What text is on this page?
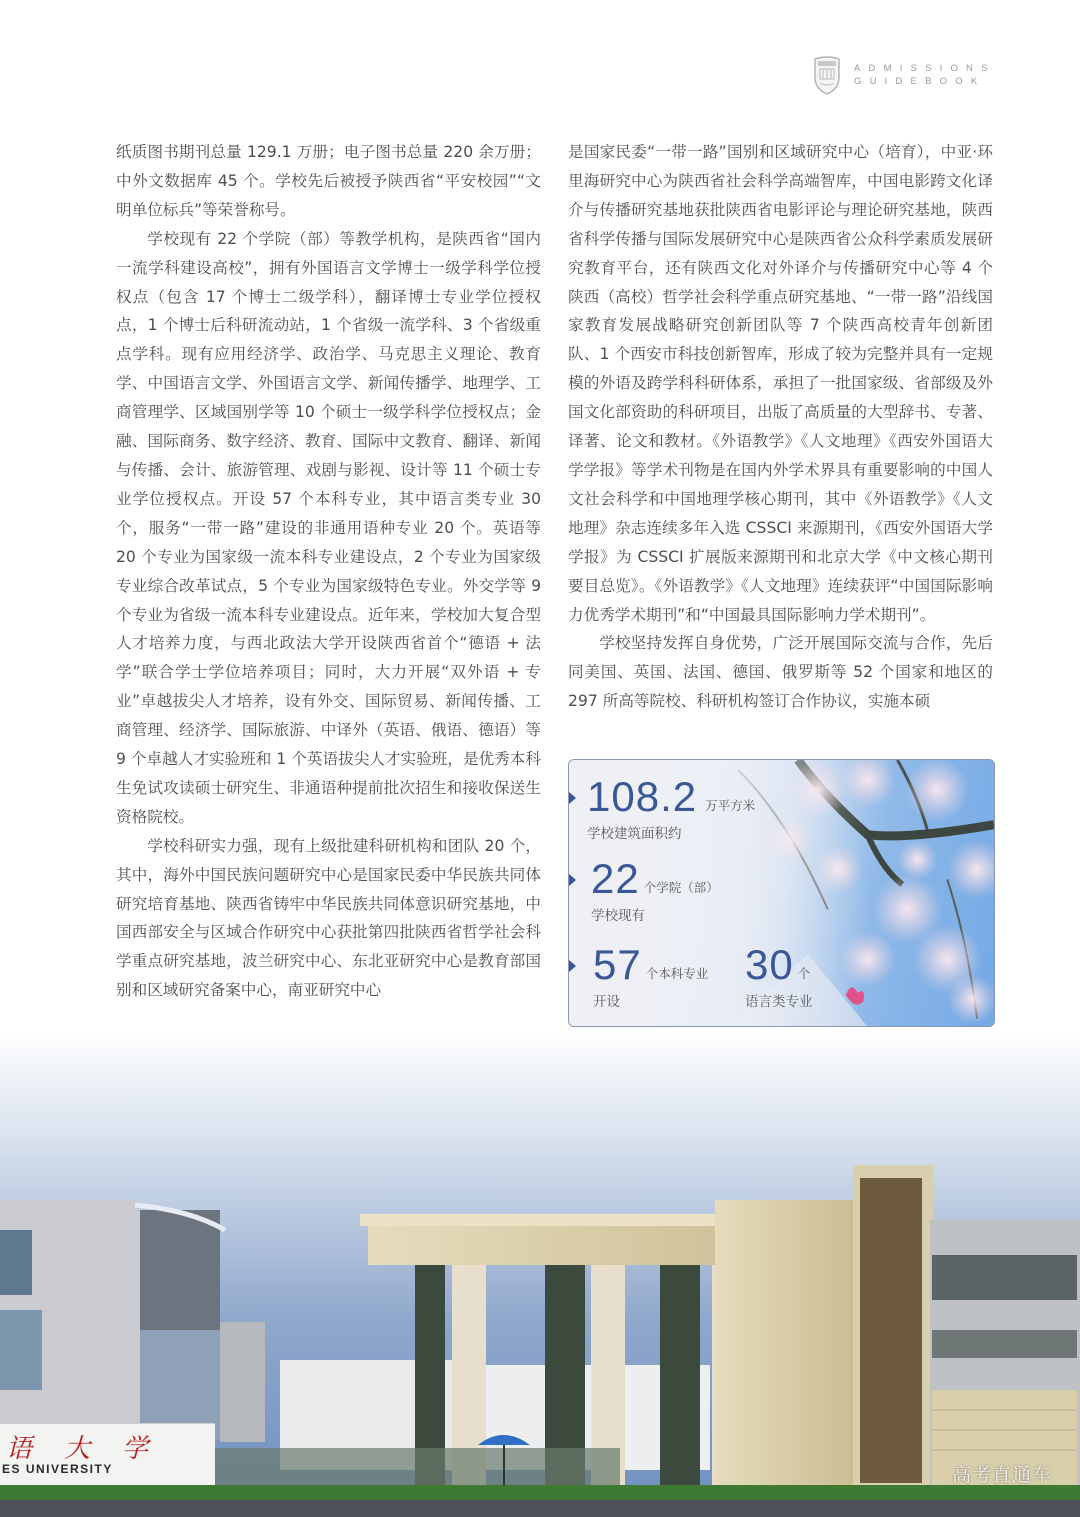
ADMISSIONS
GUIDEBOOK

纸质图书期刊总量 129.1 万册；电子图书总量 220 余万册；中外文数据库 45 个。学校先后被授予陕西省“平安校园”“文明单位标兵”等荣誉称号。

学校现有 22 个学院（部）等教学机构，是陕西省“国内一流学科建设高校”，拥有外国语言文学博士一级学科学位授权点（包含 17 个博士二级学科），翻译博士专业学位授权点，1 个博士后科研流动站，1 个省级一流学科、3 个省级重点学科。现有应用经济学、政治学、马克思主义理论、教育学、中国语言文学、外国语言文学、新闻传播学、地理学、工商管理学、区域国别学等 10 个硕士一级学科学位授权点；金融、国际商务、数字经济、教育、国际中文教育、翻译、新闻与传播、会计、旅游管理、戏剧与影视、设计等 11 个硕士专业学位授权点。开设 57 个本科专业，其中语言类专业 30 个，服务“一带一路”建设的非通用语种专业 20 个。英语等 20 个专业为国家级一流本科专业建设点，2 个专业为国家级专业综合改革试点，5 个专业为国家级特色专业。外交学等 9 个专业为省级一流本科专业建设点。近年来，学校加大复合型人才培养力度，与西北政法大学开设陕西省首个“德语 + 法学”联合学士学位培养项目；同时，大力开展“双外语 + 专业”卓越拔尖人才培养，设有外交、国际贸易、新闻传播、工商管理、经济学、国际旅游、中译外（英语、俄语、德语）等 9 个卓越人才实验班和 1 个英语拔尖人才实验班，是优秀本科生免试攻读硕士研究生、非通语种提前批次招生和接收保送生资格院校。

学校科研实力强，现有上级批建科研机构和团队 20 个，其中，海外中国民族问题研究中心是国家民委中华民族共同体研究培育基地、陕西省铸牢中华民族共同体意识研究基地，中国西部安全与区域合作研究中心获批第四批陕西省哲学社会科学重点研究基地，波兰研究中心、东北亚研究中心是教育部国别和区域研究备案中心，南亚研究中心

是国家民委“一带一路”国别和区域研究中心（培育），中亚·环里海研究中心为陕西省社会科学高端智库，中国电影跨文化译介与传播研究基地获批陕西省电影评论与理论研究基地，陕西省科学传播与国际发展研究中心是陕西省公众科学素质发展研究教育平台，还有陕西文化对外译介与传播研究中心等 4 个陕西（高校）哲学社会科学重点研究基地、“一带一路”沿线国家教育发展战略研究创新团队等 7 个陕西高校青年创新团队、1 个西安市科技创新智库，形成了较为完整并具有一定规模的外语及跨学科科研体系，承担了一批国家级、省部级及外国文化部资助的科研项目，出版了高质量的大型辞书、专著、译著、论文和教材。《外语教学》《人文地理》《西安外国语大学学报》等学术刊物是在国内外学术界具有重要影响的中国人文社会科学和中国地理学核心期刊，其中《外语教学》《人文地理》杂志连续多年入选 CSSCI 来源期刊，《西安外国语大学学报》为 CSSCI 扩展版来源期刊和北京大学《中文核心期刊要目总览》。《外语教学》《人文地理》连续获评“中国国际影响力优秀学术期刊”和“中国最具国际影响力学术期刊”。

学校坚持发挥自身优势，广泛开展国际交流与合作，先后同美国、英国、法国、德国、俄罗斯等 52 个国家和地区的 297 所高等院校、科研机构签订合作协议，实施本硕

108.2 万平方米
学校建筑面积约
22 个学院（部）
学校现有
57 个本科专业
开设
30 个
语言类专业
语大学
ES UNIVERSITY	高考直通车
